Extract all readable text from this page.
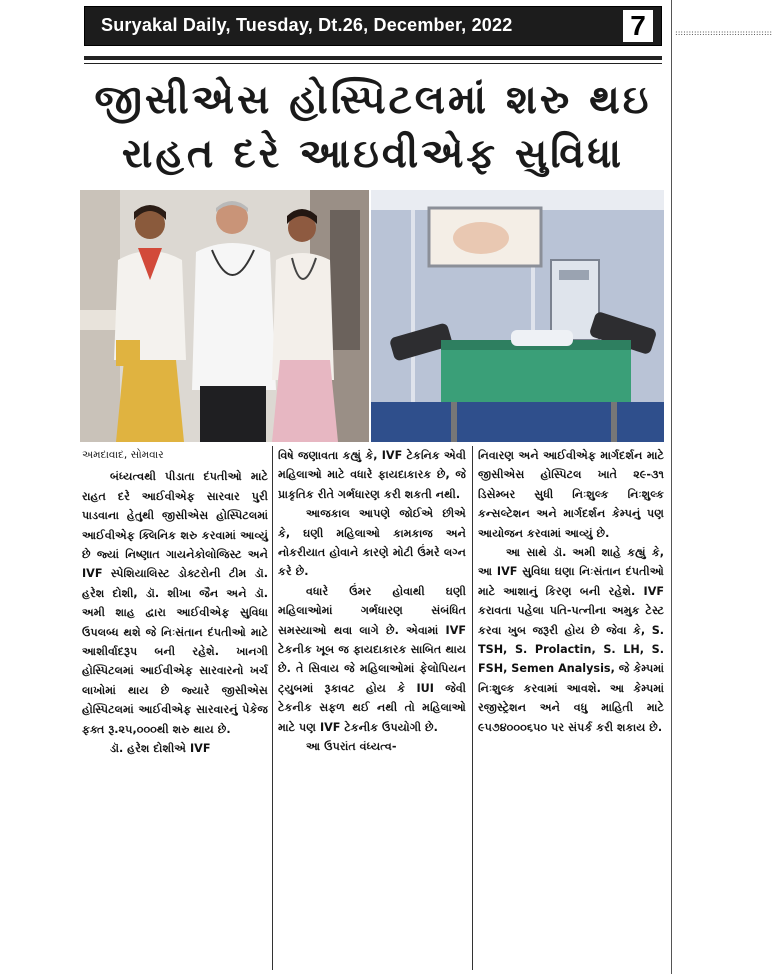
Suryakal Daily, Tuesday, Dt.26, December, 2022	7	::::::::::::::::::::::::::::::::::::
જીસીએસ હોસ્પિટલમાં શરુ થઇ
રાહત દરે આઇવીએફ સુવિધા

અમદાવાદ, સોમવાર

બંધ્યત્વથી પીડાતા દંપતીઓ માટે રાહત દરે આઈવીએફ સારવાર પુરી પાડવાના હેતુથી જીસીએસ હોસ્પિટલમાં આઈવીએફ ક્લિનિક શરુ કરવામાં આવ્યું છે જ્યાં નિષ્ણાત ગાયનેકોલોજિસ્ટ અને IVF સ્પેશિયાલિસ્ટ ડોક્ટરોની ટીમ ડૉ. હરેશ દોશી, ડૉ. શીખા જૈન અને ડૉ. અમી શાહ દ્વારા આઈવીએફ સુવિધા ઉપલબ્ધ થશે જે નિઃસંતાન દંપતીઓ માટે આશીર્વાદરૂપ બની રહેશે. ખાનગી હોસ્પિટલમાં આઈવીએફ સારવારનો ખર્ચ લાખોમાં થાય છે જ્યારે જીસીએસ હોસ્પિટલમાં આઈવીએફ સારવારનું પેકેજ ફક્ત રૂ.૨૫,૦૦૦થી શરુ થાય છે.

ડૉ. હરેશ દોશીએ IVF

વિષે જણાવતા કહ્યું કે, IVF ટેકનિક એવી મહિલાઓ માટે વધારે ફાયદાકારક છે, જે પ્રાકૃતિક રીતે ગર્ભધારણ કરી શકતી નથી.

આજકાલ આપણે જોઈએ છીએ કે, ઘણી મહિલાઓ કામકાજ અને નોકરીયાત હોવાને કારણે મોટી ઉંમરે લગ્ન કરે છે.

વધારે ઉંમર હોવાથી ઘણી મહિલાઓમાં ગર્ભધારણ સંબંધિત સમસ્યાઓ થવા લાગે છે. એવામાં IVF ટેકનીક ખૂબ જ ફાયદાકારક સાબિત થાય છે. તે સિવાય જે મહિલાઓમાં ફેલોપિયન ટ્યુબમાં રૂકાવટ હોય કે IUI જેવી ટેકનીક સફળ થઈ નથી તો મહિલાઓ માટે પણ IVF ટેકનીક ઉપયોગી છે.

આ ઉપરાંત વંધ્યત્વ-

નિવારણ અને આઈવીએફ માર્ગદર્શન માટે જીસીએસ હોસ્પિટલ ખાતે ૨૯-૩૧ ડિસેમ્બર સુધી નિઃશુલ્ક નિઃશુલ્ક કન્સલ્ટેશન અને માર્ગદર્શન કેમ્પનું પણ આયોજન કરવામાં આવ્યું છે.

આ સાથે ડૉ. અમી શાહે કહ્યું કે, આ IVF સુવિધા ઘણા નિઃસંતાન દંપતીઓ માટે આશાનું કિરણ બની રહેશે. IVF કરાવતા પહેલા પતિ-પત્નીના અમુક ટેસ્ટ કરવા ખુબ જરૂરી હોય છે જેવા કે, S. TSH, S. Prolactin, S. LH, S. FSH, Semen Analysis, જે કેમ્પમાં નિઃશુલ્ક કરવામાં આવશે. આ કેમ્પમાં રજીસ્ટ્રેશન અને વધુ માહિતી માટે ૯૫૭૪૦૦૦૬૫૦ પર સંપર્ક કરી શકાય છે.
